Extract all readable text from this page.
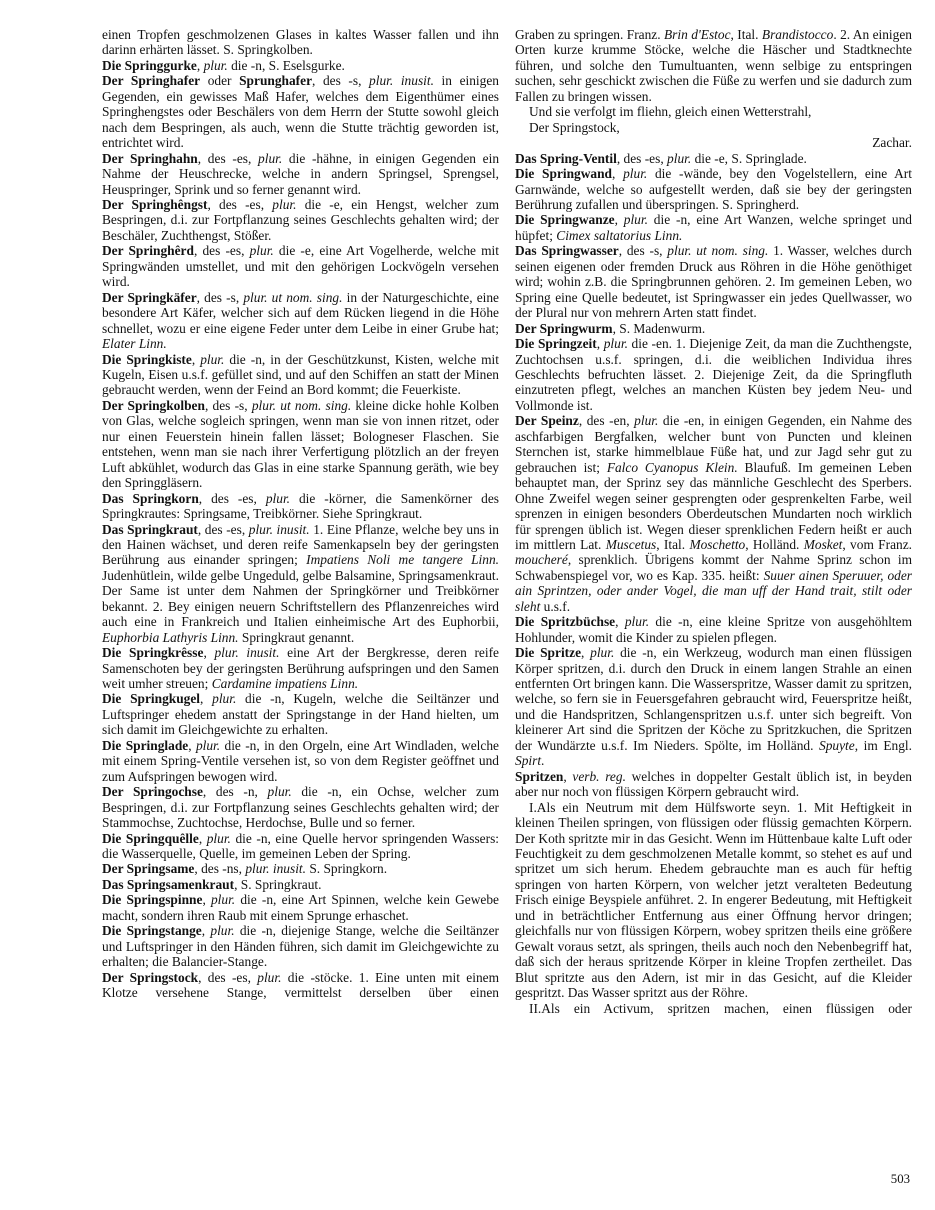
einen Tropfen geschmolzenen Glases in kaltes Wasser fallen und ihn darinn erhärten lässet. S. Springkolben.

Die Springgurke, plur. die -n, S. Eselsgurke.

Der Springhafer oder Sprunghafer, des -s, plur. inusit. in einigen Gegenden, ein gewisses Maß Hafer, welches dem Eigenthümer eines Springhengstes oder Beschälers von dem Herrn der Stutte sowohl gleich nach dem Bespringen, als auch, wenn die Stutte trächtig geworden ist, entrichtet wird.

Der Springhahn, des -es, plur. die -hähne, in einigen Gegenden ein Nahme der Heuschrecke, welche in andern Springsel, Sprengsel, Heuspringer, Sprink und so ferner genannt wird.

Der Springhêngst, des -es, plur. die -e, ein Hengst, welcher zum Bespringen, d.i. zur Fortpflanzung seines Geschlechts gehalten wird; der Beschäler, Zuchthengst, Stößer.

Der Springhêrd, des -es, plur. die -e, eine Art Vogelherde, welche mit Springwänden umstellet, und mit den gehörigen Lockvögeln versehen wird.

Der Springkäfer, des -s, plur. ut nom. sing. in der Naturgeschichte, eine besondere Art Käfer, welcher sich auf dem Rücken liegend in die Höhe schnellet, wozu er eine eigene Feder unter dem Leibe in einer Grube hat; Elater Linn.

Die Springkiste, plur. die -n, in der Geschützkunst, Kisten, welche mit Kugeln, Eisen u.s.f. gefüllet sind, und auf den Schiffen an statt der Minen gebraucht werden, wenn der Feind an Bord kommt; die Feuerkiste.

Der Springkolben, des -s, plur. ut nom. sing. kleine dicke hohle Kolben von Glas, welche sogleich springen, wenn man sie von innen ritzet, oder nur einen Feuerstein hinein fallen lässet; Bologneser Flaschen. Sie entstehen, wenn man sie nach ihrer Verfertigung plötzlich an der freyen Luft abkühlet, wodurch das Glas in eine starke Spannung geräth, wie bey den Springgläsern.

Das Springkorn, des -es, plur. die -körner, die Samenkörner des Springkrautes: Springsame, Treibkörner. Siehe Springkraut.

Das Springkraut, des -es, plur. inusit. 1. Eine Pflanze, welche bey uns in den Hainen wächset, und deren reife Samenkapseln bey der geringsten Berührung aus einander springen; Impatiens Noli me tangere Linn. Judenhütlein, wilde gelbe Ungeduld, gelbe Balsamine, Springsamenkraut. Der Same ist unter dem Nahmen der Springkörner und Treibkörner bekannt. 2. Bey einigen neuern Schriftstellern des Pflanzenreiches wird auch eine in Frankreich und Italien einheimische Art des Euphorbii, Euphorbia Lathyris Linn. Springkraut genannt.

Die Springkrêsse, plur. inusit. eine Art der Bergkresse, deren reife Samenschoten bey der geringsten Berührung aufspringen und den Samen weit umher streuen; Cardamine impatiens Linn.

Die Springkugel, plur. die -n, Kugeln, welche die Seiltänzer und Luftspringer ehedem anstatt der Springstange in der Hand hielten, um sich damit im Gleichgewichte zu erhalten.

Die Springlade, plur. die -n, in den Orgeln, eine Art Windladen, welche mit einem Spring-Ventile versehen ist, so von dem Register geöffnet und zum Aufspringen bewogen wird.

Der Springochse, des -n, plur. die -n, ein Ochse, welcher zum Bespringen, d.i. zur Fortpflanzung seines Geschlechts gehalten wird; der Stammochse, Zuchtochse, Herdochse, Bulle und so ferner.

Die Springquêlle, plur. die -n, eine Quelle hervor springenden Wassers: die Wasserquelle, Quelle, im gemeinen Leben der Spring.

Der Springsame, des -ns, plur. inusit. S. Springkorn.

Das Springsamenkraut, S. Springkraut.

Die Springspinne, plur. die -n, eine Art Spinnen, welche kein Gewebe macht, sondern ihren Raub mit einem Sprunge erhaschet.

Die Springstange, plur. die -n, diejenige Stange, welche die Seiltänzer und Luftspringer in den Händen führen, sich damit im Gleichgewichte zu erhalten; die Balancier-Stange.

Der Springstock, des -es, plur. die -stöcke. 1. Eine unten mit einem Klotze versehene Stange, vermittelst derselben über einen

Graben zu springen. Franz. Brin d'Estoc, Ital. Brandistocco. 2. An einigen Orten kurze krumme Stöcke, welche die Häscher und Stadtknechte führen, und solche den Tumultuanten, wenn selbige zu entspringen suchen, sehr geschickt zwischen die Füße zu werfen und sie dadurch zum Fallen zu bringen wissen.

Und sie verfolgt im fliehn, gleich einen Wetterstrahl,

Der Springstock,

Zachar.

Das Spring-Ventil, des -es, plur. die -e, S. Springlade.

Die Springwand, plur. die -wände, bey den Vogelstellern, eine Art Garnwände, welche so aufgestellt werden, daß sie bey der geringsten Berührung zufallen und überspringen. S. Springherd.

Die Springwanze, plur. die -n, eine Art Wanzen, welche springet und hüpfet; Cimex saltatorius Linn.

Das Springwasser, des -s, plur. ut nom. sing. 1. Wasser, welches durch seinen eigenen oder fremden Druck aus Röhren in die Höhe genöthiget wird; wohin z.B. die Springbrunnen gehören. 2. Im gemeinen Leben, wo Spring eine Quelle bedeutet, ist Springwasser ein jedes Quellwasser, wo der Plural nur von mehrern Arten statt findet.

Der Springwurm, S. Madenwurm.

Die Springzeit, plur. die -en. 1. Diejenige Zeit, da man die Zuchthengste, Zuchtochsen u.s.f. springen, d.i. die weiblichen Individua ihres Geschlechts befruchten lässet. 2. Diejenige Zeit, da die Springfluth einzutreten pflegt, welches an manchen Küsten bey jedem Neu- und Vollmonde ist.

Der Speinz, des -en, plur. die -en, in einigen Gegenden, ein Nahme des aschfarbigen Bergfalken, welcher bunt von Puncten und kleinen Sternchen ist, starke himmelblaue Füße hat, und zur Jagd sehr gut zu gebrauchen ist; Falco Cyanopus Klein. Blaufuß. Im gemeinen Leben behauptet man, der Sprinz sey das männliche Geschlecht des Sperbers. Ohne Zweifel wegen seiner gesprengten oder gesprenkelten Farbe, weil sprenzen in einigen besonders Oberdeutschen Mundarten noch wirklich für sprengen üblich ist. Wegen dieser sprenklichen Federn heißt er auch im mittlern Lat. Muscetus, Ital. Moschetto, Holländ. Mosket, vom Franz. moucheré, sprenklich. Übrigens kommt der Nahme Sprinz schon im Schwabenspiegel vor, wo es Kap. 335. heißt: Suuer ainen Speruuer, oder ain Sprintzen, oder ander Vogel, die man uff der Hand trait, stilt oder sleht u.s.f.

Die Spritzbüchse, plur. die -n, eine kleine Spritze von ausgehöhltem Hohlunder, womit die Kinder zu spielen pflegen.

Die Spritze, plur. die -n, ein Werkzeug, wodurch man einen flüssigen Körper spritzen, d.i. durch den Druck in einem langen Strahle an einen entfernten Ort bringen kann. Die Wasserspritze, Wasser damit zu spritzen, welche, so fern sie in Feuersgefahren gebraucht wird, Feuerspritze heißt, und die Handspritzen, Schlangenspritzen u.s.f. unter sich begreift. Von kleinerer Art sind die Spritzen der Köche zu Spritzkuchen, die Spritzen der Wundärzte u.s.f. Im Nieders. Spölte, im Holländ. Spuyte, im Engl. Spirt.

Spritzen, verb. reg. welches in doppelter Gestalt üblich ist, in beyden aber nur noch von flüssigen Körpern gebraucht wird.

I.Als ein Neutrum mit dem Hülfsworte seyn. 1. Mit Heftigkeit in kleinen Theilen springen, von flüssigen oder flüssig gemachten Körpern. Der Koth spritzte mir in das Gesicht. Wenn im Hüttenbaue kalte Luft oder Feuchtigkeit zu dem geschmolzenen Metalle kommt, so stehet es auf und spritzet um sich herum. Ehedem gebrauchte man es auch für heftig springen von harten Körpern, von welcher jetzt veralteten Bedeutung Frisch einige Beyspiele anführet. 2. In engerer Bedeutung, mit Heftigkeit und in beträchtlicher Entfernung aus einer Öffnung hervor dringen; gleichfalls nur von flüssigen Körpern, wobey spritzen theils eine größere Gewalt voraus setzt, als springen, theils auch noch den Nebenbegriff hat, daß sich der heraus spritzende Körper in kleine Tropfen zertheilet. Das Blut spritzte aus den Adern, ist mir in das Gesicht, auf die Kleider gespritzt. Das Wasser spritzt aus der Röhre.

II.Als ein Activum, spritzen machen, einen flüssigen oder

503
